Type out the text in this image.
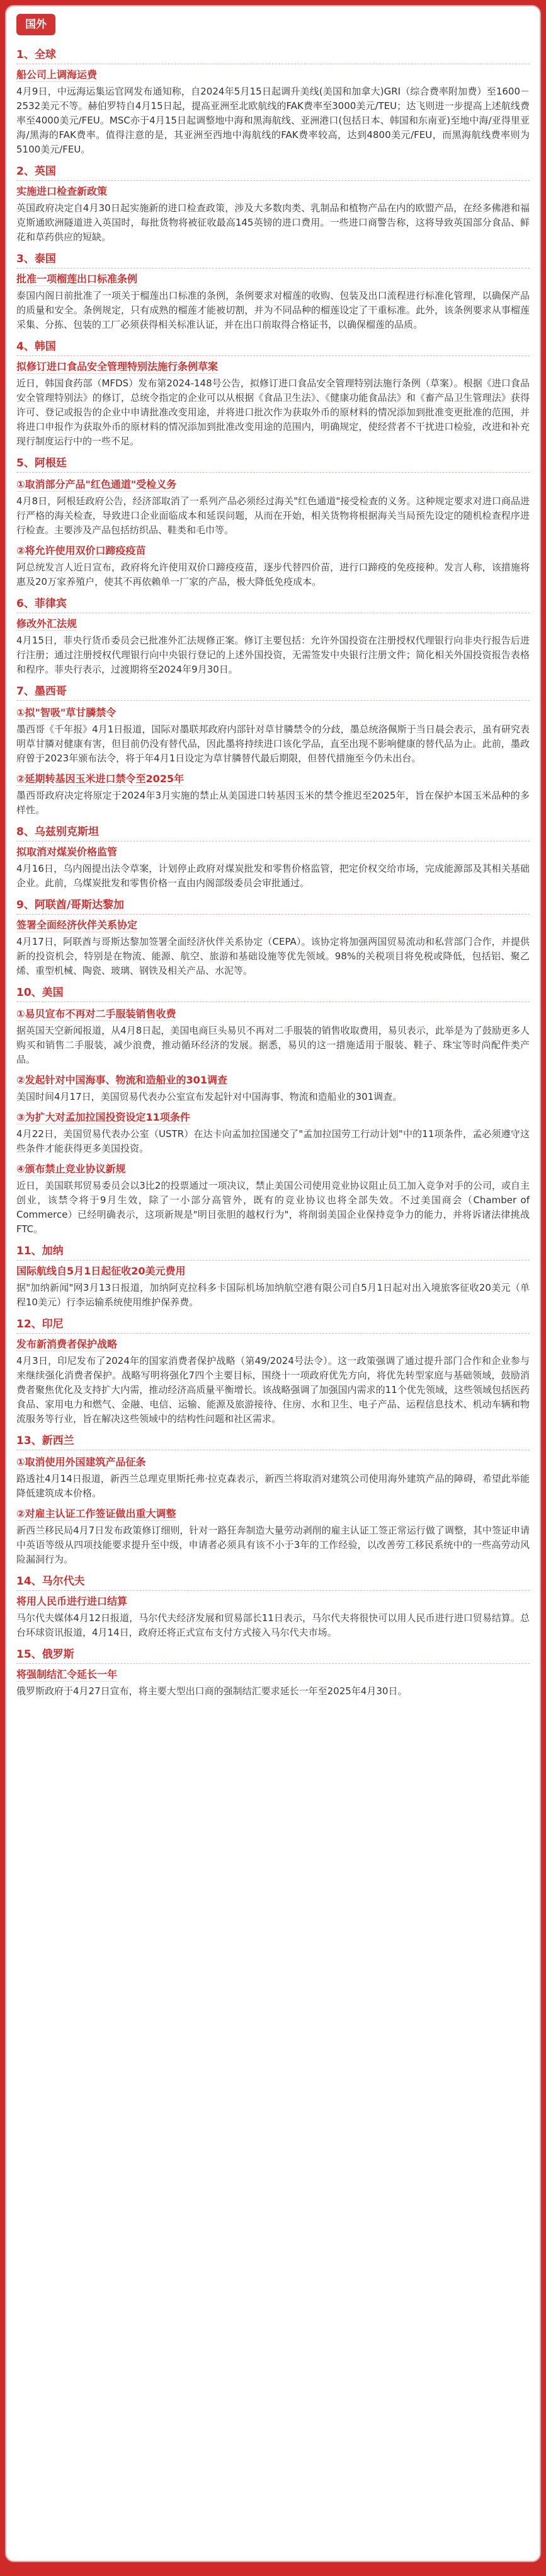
国外
1、全球
船公司上调海运费
4月9日，中远海运集运官网发布通知称，自2024年5月15日起调升美线(美国和加拿大)GRI（综合费率附加费）至1600－2532美元不等。赫伯罗特自4月15日起，提高亚洲至北欧航线的FAK费率至3000美元/TEU；达飞则进一步提高上述航线费率至4000美元/FEU。MSC亦于4月15日起调整地中海和黑海航线、亚洲港口(包括日本、韩国和东南亚)至地中海/亚得里亚海/黑海的FAK费率。值得注意的是，其亚洲至西地中海航线的FAK费率较高，达到4800美元/FEU，而黑海航线费率则为5100美元/FEU。
2、英国
实施进口检查新政策
英国政府决定自4月30日起实施新的进口检查政策，涉及大多数肉类、乳制品和植物产品在内的欧盟产品，在经多佛港和福克斯通欧洲隧道进入英国时，每批货物将被征收最高145英镑的进口费用。一些进口商警告称，这将导致英国部分食品、鲜花和草药供应的短缺。
3、泰国
批准一项榴莲出口标准条例
泰国内阁日前批准了一项关于榴莲出口标准的条例，条例要求对榴莲的收购、包装及出口流程进行标准化管理，以确保产品的质量和安全。条例规定，只有成熟的榴莲才能被切割，并为不同品种的榴莲设定了干重标准。此外，该条例要求从事榴莲采集、分拣、包装的工厂必须获得相关标准认证，并在出口前取得合格证书，以确保榴莲的品质。
4、韩国
拟修订进口食品安全管理特别法施行条例草案
近日，韩国食药部（MFDS）发布第2024-148号公告，拟修订进口食品安全管理特别法施行条例（草案）。根据《进口食品安全管理特别法》的修订，总统令指定的企业可以从根据《食品卫生法》、《健康功能食品法》和《畜产品卫生管理法》获得许可、登记或报告的企业中申请批准改变用途，并将进口批次作为获取外币的原材料的情况添加到批准变更批准的范围，并将进口申报作为获取外币的原材料的情况添加到批准改变用途的范围内，明确规定，使经营者不干扰进口检验，改进和补充现行制度运行中的一些不足。
5、阿根廷
①取消部分产品"红色通道"受检义务
4月8日，阿根廷政府公告，经济部取消了一系列产品必须经过海关"红色通道"接受检查的义务。这种规定要求对进口商品进行严格的海关检查，导致进口企业面临成本和延误问题，从而在开始，相关货物将根据海关当局预先设定的随机检查程序进行检查。主要涉及产品包括纺织品、鞋类和毛巾等。
②将允许使用双价口蹄疫疫苗
阿总统发言人近日宣布，政府将允许使用双价口蹄疫疫苗，逐步代替四价苗，进行口蹄疫的免疫接种。发言人称，该措施将惠及20万家养殖户，使其不再依赖单一厂家的产品，极大降低免疫成本。
6、菲律宾
修改外汇法规
4月15日，菲央行货币委员会已批准外汇法规修正案。修订主要包括：允许外国投资在注册授权代理银行向非央行报告后进行注册；通过注册授权代理银行向中央银行登记的上述外国投资，无需签发中央银行注册文件；简化相关外国投资报告表格和程序。菲央行表示，过渡期将至2024年9月30日。
7、墨西哥
①拟"智吸"草甘膦禁令
墨西哥《千年报》4月1日报道，国际对墨联邦政府内部针对草甘膦禁令的分歧，墨总统洛佩斯于当日晨会表示，虽有研究表明草甘膦对健康有害，但目前仍没有替代品，因此墨将持续进口该化学品，直至出现不影响健康的替代品为止。此前，墨政府曾于2023年颁布法令，将于年4月1日设定为草甘膦替代最后期限，但替代措施至今仍未出台。
②延期转基因玉米进口禁令至2025年
墨西哥政府决定将原定于2024年3月实施的禁止从美国进口转基因玉米的禁令推迟至2025年，旨在保护本国玉米品种的多样性。
8、乌兹别克斯坦
拟取消对煤炭价格监管
4月16日，乌内阁提出法令草案，计划停止政府对煤炭批发和零售价格监管，把定价权交给市场，完成能源部及其相关基础企业。此前，乌煤炭批发和零售价格一直由内阁部级委员会审批通过。
9、阿联酋/哥斯达黎加
签署全面经济伙伴关系协定
4月17日，阿联酋与哥斯达黎加签署全面经济伙伴关系协定（CEPA）。该协定将加强两国贸易流动和私营部门合作，并提供新的投资机会，特别是在物流、能源、航空、旅游和基础设施等优先领域。98%的关税项目将免税或降低，包括铝、聚乙烯、重型机械、陶瓷、玻璃、钢铁及相关产品、水泥等。
10、美国
①易贝宣布不再对二手服装销售收费
据英国天空新闻报道，从4月8日起，美国电商巨头易贝不再对二手服装的销售收取费用，易贝表示，此举是为了鼓励更多人购买和销售二手服装，减少浪费，推动循环经济的发展。据悉，易贝的这一措施适用于服装、鞋子、珠宝等时尚配件类产品。
②发起针对中国海事、物流和造船业的301调查
美国时间4月17日，美国贸易代表办公室宣布发起针对中国海事、物流和造船业的301调查。
③为扩大对孟加拉国投资设定11项条件
4月22日，美国贸易代表办公室（USTR）在达卡向孟加拉国递交了"孟加拉国劳工行动计划"中的11项条件，孟必须遵守这些条件才能获得更多美国投资。
④颁布禁止竞业协议新规
近日，美国联邦贸易委员会以3比2的投票通过一项决议，禁止美国公司使用竞业协议阻止员工加入竞争对手的公司，或自主创业，该禁令将于9月生效，除了一小部分高管外，既有的竞业协议也将全部失效。不过美国商会（Chamber of Commerce）已经明确表示，这项新规是"明目张胆的越权行为"，将削弱美国企业保持竞争力的能力，并将诉诸法律挑战FTC。
11、加纳
国际航线自5月1日起征收20美元费用
据"加纳新闻"网3月13日报道，加纳阿克拉科多卡国际机场加纳航空港有限公司自5月1日起对出入境旅客征收20美元（单程10美元）行李运输系统使用维护保养费。
12、印尼
发布新消费者保护战略
4月3日，印尼发布了2024年的国家消费者保护战略（第49/2024号法令）。这一政策强调了通过提升部门合作和企业参与来继续强化消费者保护。战略写明将强化7四个主要目标，围绕十一项政府优先方向，将优先转型家庭与基础领域，鼓励消费者聚焦优化及支持扩大内需，推动经济高质量平衡增长。该战略强调了加强国内需求的11个优先领域，这些领域包括医药食品、家用电力和燃气、金融、电信、运输、能源及旅游接待、住房、水和卫生、电子产品、运程信息技术、机动车辆和物流服务等行业，旨在解决这些领域中的结构性问题和社区需求。
13、新西兰
①取消使用外国建筑产品征条
路透社4月14日报道，新西兰总理克里斯托弗·拉克森表示，新西兰将取消对建筑公司使用海外建筑产品的障碍，希望此举能降低建筑成本价格。
②对雇主认证工作签证做出重大调整
新西兰移民局4月7日发布政策修订细则，针对一路狂奔制造大量劳动剥削的雇主认证工签正常运行做了调整，其中签证申请中英语等级从四项技能要求提升至中级，申请者必须具有该不小于3年的工作经验，以改善劳工移民系统中的一些高劳动风险漏洞行为。
14、马尔代夫
将用人民币进行进口结算
马尔代夫媒体4月12日报道，马尔代夫经济发展和贸易部长11日表示，马尔代夫将很快可以用人民币进行进口贸易结算。总台环球资讯报道，4月14日，政府还将正式宣布支付方式接入马尔代夫市场。
15、俄罗斯
将强制结汇令延长一年
俄罗斯政府于4月27日宣布，将主要大型出口商的强制结汇要求延长一年至2025年4月30日。
